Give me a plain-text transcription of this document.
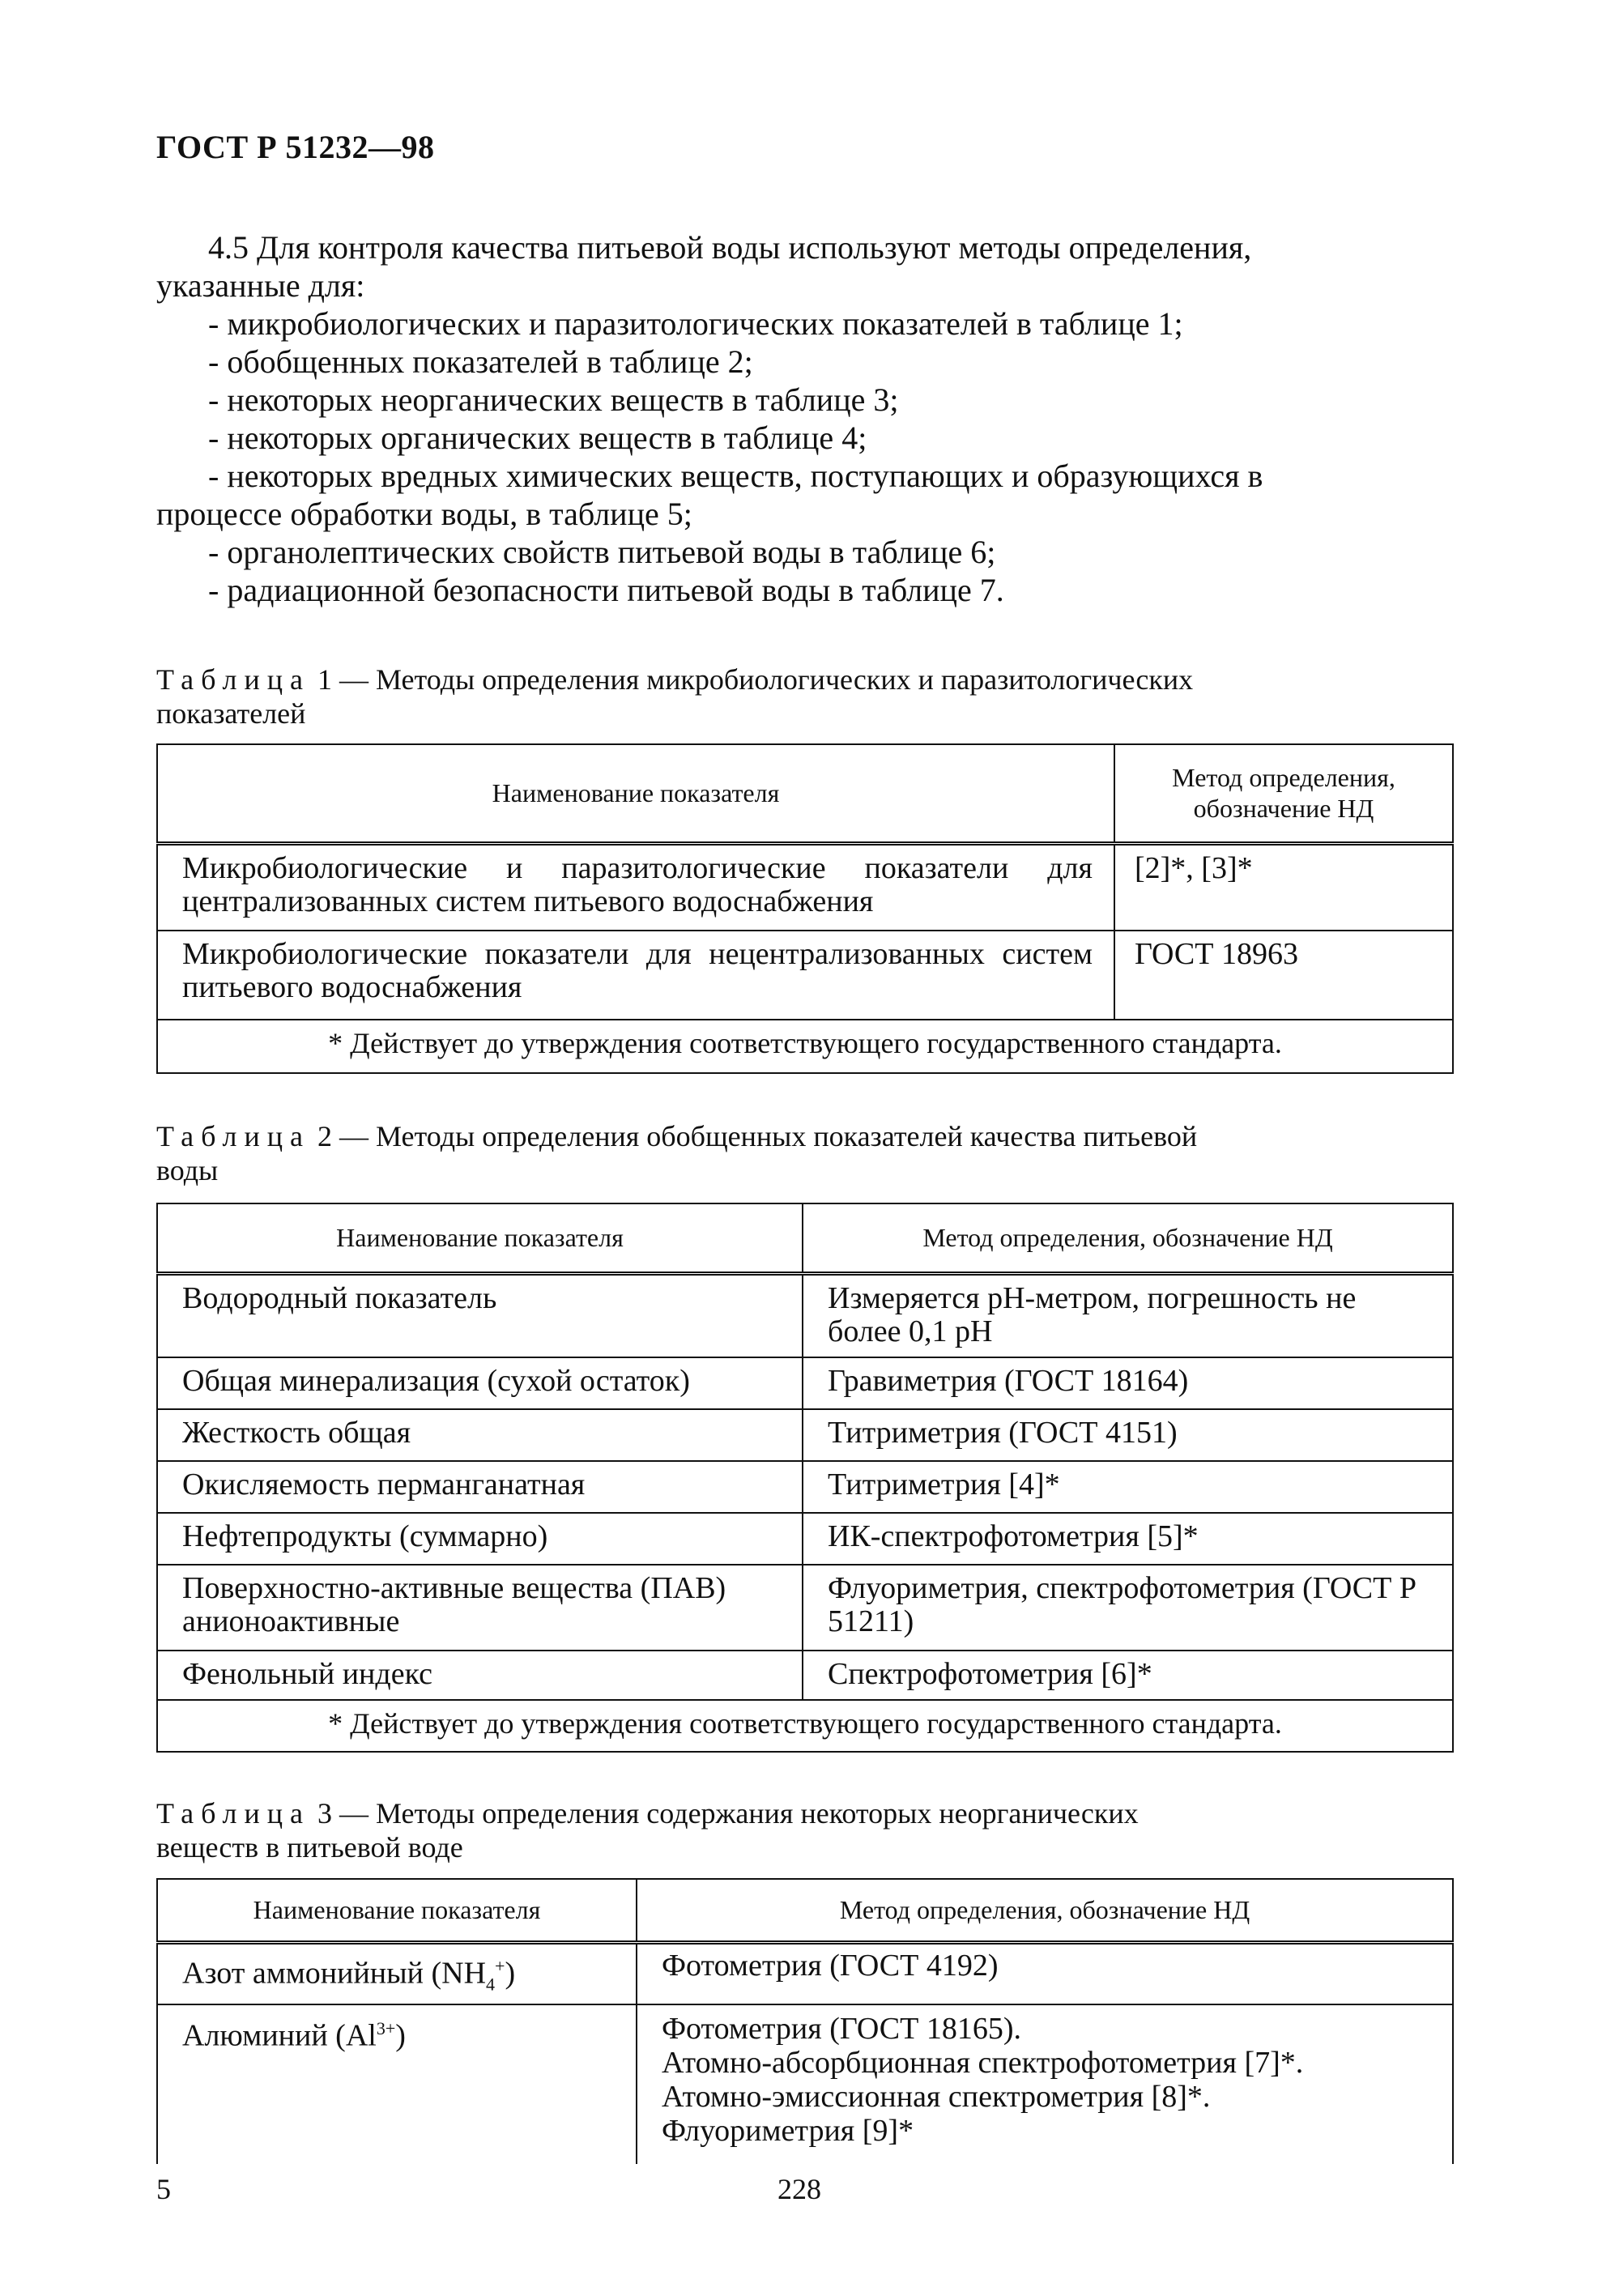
ГОСТ Р 51232—98
4.5 Для контроля качества питьевой воды используют методы определения,
указанные для:
- микробиологических и паразитологических показателей в таблице 1;
- обобщенных показателей в таблице 2;
- некоторых неорганических веществ в таблице 3;
- некоторых органических веществ в таблице 4;
- некоторых вредных химических веществ, поступающих и образующихся в
процессе обработки воды, в таблице 5;
- органолептических свойств питьевой воды в таблице 6;
- радиационной безопасности питьевой воды в таблице 7.
Таблица 1 — Методы определения микробиологических и паразитологических
показателей
Наименование показателя	Метод определения, обозначение НД
Микробиологические и паразитологические показатели для централизованных систем питьевого водоснабжения	[2]*, [3]*
Микробиологические показатели для нецентрализованных систем питьевого водоснабжения	ГОСТ 18963
* Действует до утверждения соответствующего государственного стандарта.	
Таблица 2 — Методы определения обобщенных показателей качества питьевой
воды
Наименование показателя	Метод определения, обозначение НД
Водородный показатель	Измеряется pH-метром, погрешность не более 0,1 pH
Общая минерализация (сухой остаток)	Гравиметрия (ГОСТ 18164)
Жесткость общая	Титриметрия (ГОСТ 4151)
Окисляемость перманганатная	Титриметрия [4]*
Нефтепродукты (суммарно)	ИК-спектрофотометрия [5]*
Поверхностно-активные вещества (ПАВ) анионоактивные	Флуориметрия, спектрофотометрия (ГОСТ Р 51211)
Фенольный индекс	Спектрофотометрия [6]*
* Действует до утверждения соответствующего государственного стандарта.	
Таблица 3 — Методы определения содержания некоторых неорганических
веществ в питьевой воде
Наименование показателя	Метод определения, обозначение НД
Азот аммонийный $(NH_4^+)$	Фотометрия (ГОСТ 4192)
Алюминий $(Al^{3+})$	Фотометрия (ГОСТ 18165).
Атомно-абсорбционная спектрофотометрия [7]*.
Атомно-эмиссионная спектрометрия [8]*.
Флуориметрия [9]*
5	228
